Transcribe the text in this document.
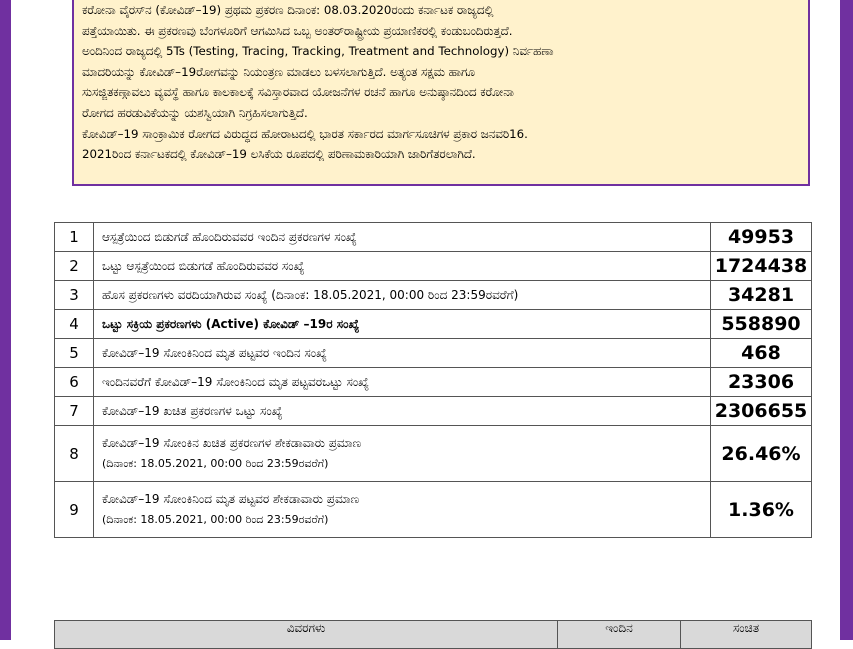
ಕರೋನಾ ವೈರಸ್‌ನ (ಕೋವಿಡ್–19) ಪ್ರಥಮ ಪ್ರಕರಣ ದಿನಾಂಕ: 08.03.2020ರಂದು ಕರ್ನಾಟಕ ರಾಜ್ಯದಲ್ಲಿ

ಪತ್ತೆಯಾಯಿತು. ಈ ಪ್ರಕರಣವು ಬೆಂಗಳೂರಿಗೆ ಆಗಮಿಸಿದ ಒಬ್ಬ ಅಂತರ್‌ರಾಷ್ಟ್ರೀಯ ಪ್ರಯಾಣಿಕರಲ್ಲಿ ಕಂಡುಬಂದಿರುತ್ತದೆ.

ಅಂದಿನಿಂದ ರಾಜ್ಯದಲ್ಲಿ 5Ts (Testing, Tracing, Tracking, Treatment and Technology) ನಿರ್ವಹಣಾ

ಮಾದರಿಯನ್ನು ಕೋವಿಡ್–19ರೋಗವನ್ನು ನಿಯಂತ್ರಣ ಮಾಡಲು ಬಳಸಲಾಗುತ್ತಿದೆ. ಅತ್ಯಂತ ಸಕ್ಷಮ ಹಾಗೂ

ಸುಸಜ್ಜಿತಕಣ್ಗಾವಲು ವ್ಯವಸ್ಥೆ ಹಾಗೂ ಕಾಲಕಾಲಕ್ಕೆ ಸವಿಸ್ತಾರವಾದ ಯೋಜನೆಗಳ ರಚನೆ ಹಾಗೂ ಅನುಷ್ಠಾನದಿಂದ ಕರೋನಾ

ರೋಗದ ಹರಡುವಿಕೆಯನ್ನು ಯಶಸ್ವಿಯಾಗಿ ನಿಗ್ರಹಿಸಲಾಗುತ್ತಿದೆ.

ಕೋವಿಡ್–19 ಸಾಂಕ್ರಾಮಿಕ ರೋಗದ ವಿರುದ್ಧದ ಹೋರಾಟದಲ್ಲಿ ಭಾರತ ಸರ್ಕಾರದ ಮಾರ್ಗಸೂಚಿಗಳ ಪ್ರಕಾರ ಜನವರಿ16.

2021ರಿಂದ ಕರ್ನಾಟಕದಲ್ಲಿ ಕೋವಿಡ್–19 ಲಸಿಕೆಯ ರೂಪದಲ್ಲಿ ಪರಿಣಾಮಕಾರಿಯಾಗಿ ಜಾರಿಗೆತರಲಾಗಿದೆ.

1	ಆಸ್ಪತ್ರೆಯಿಂದ ಬಿಡುಗಡೆ ಹೊಂದಿರುವವರ ಇಂದಿನ ಪ್ರಕರಣಗಳ ಸಂಖ್ಯೆ	49953
2	ಒಟ್ಟು ಆಸ್ಪತ್ರೆಯಿಂದ ಬಿಡುಗಡೆ ಹೊಂದಿರುವವರ ಸಂಖ್ಯೆ	1724438
3	ಹೊಸ ಪ್ರಕರಣಗಳು ವರದಿಯಾಗಿರುವ ಸಂಖ್ಯೆ (ದಿನಾಂಕ: 18.05.2021, 00:00 ರಿಂದ 23:59ರವರೆಗೆ)	34281
4	ಒಟ್ಟು ಸಕ್ರಿಯ ಪ್ರಕರಣಗಳು (Active) ಕೋವಿಡ್ –19ರ ಸಂಖ್ಯೆ	558890
5	ಕೋವಿಡ್–19 ಸೋಂಕಿನಿಂದ ಮೃತ ಪಟ್ಟವರ ಇಂದಿನ ಸಂಖ್ಯೆ	468
6	ಇಂದಿನವರೆಗೆ ಕೋವಿಡ್–19 ಸೋಂಕಿನಿಂದ ಮೃತ ಪಟ್ಟವರಒಟ್ಟು ಸಂಖ್ಯೆ	23306
7	ಕೋವಿಡ್–19 ಖಚಿತ ಪ್ರಕರಣಗಳ ಒಟ್ಟು ಸಂಖ್ಯೆ	2306655
8	ಕೋವಿಡ್–19 ಸೋಂಕಿನ ಖಚಿತ ಪ್ರಕರಣಗಳ ಶೇಕಡಾವಾರು ಪ್ರಮಾಣ
(ದಿನಾಂಕ: 18.05.2021, 00:00 ರಿಂದ 23:59ರವರೆಗೆ)	26.46%
9	ಕೋವಿಡ್–19 ಸೋಂಕಿನಿಂದ ಮೃತ ಪಟ್ಟವರ ಶೇಕಡಾವಾರು ಪ್ರಮಾಣ
(ದಿನಾಂಕ: 18.05.2021, 00:00 ರಿಂದ 23:59ರವರೆಗೆ)	1.36%
ವಿವರಗಳು	ಇಂದಿನ	ಸಂಚಿತ
